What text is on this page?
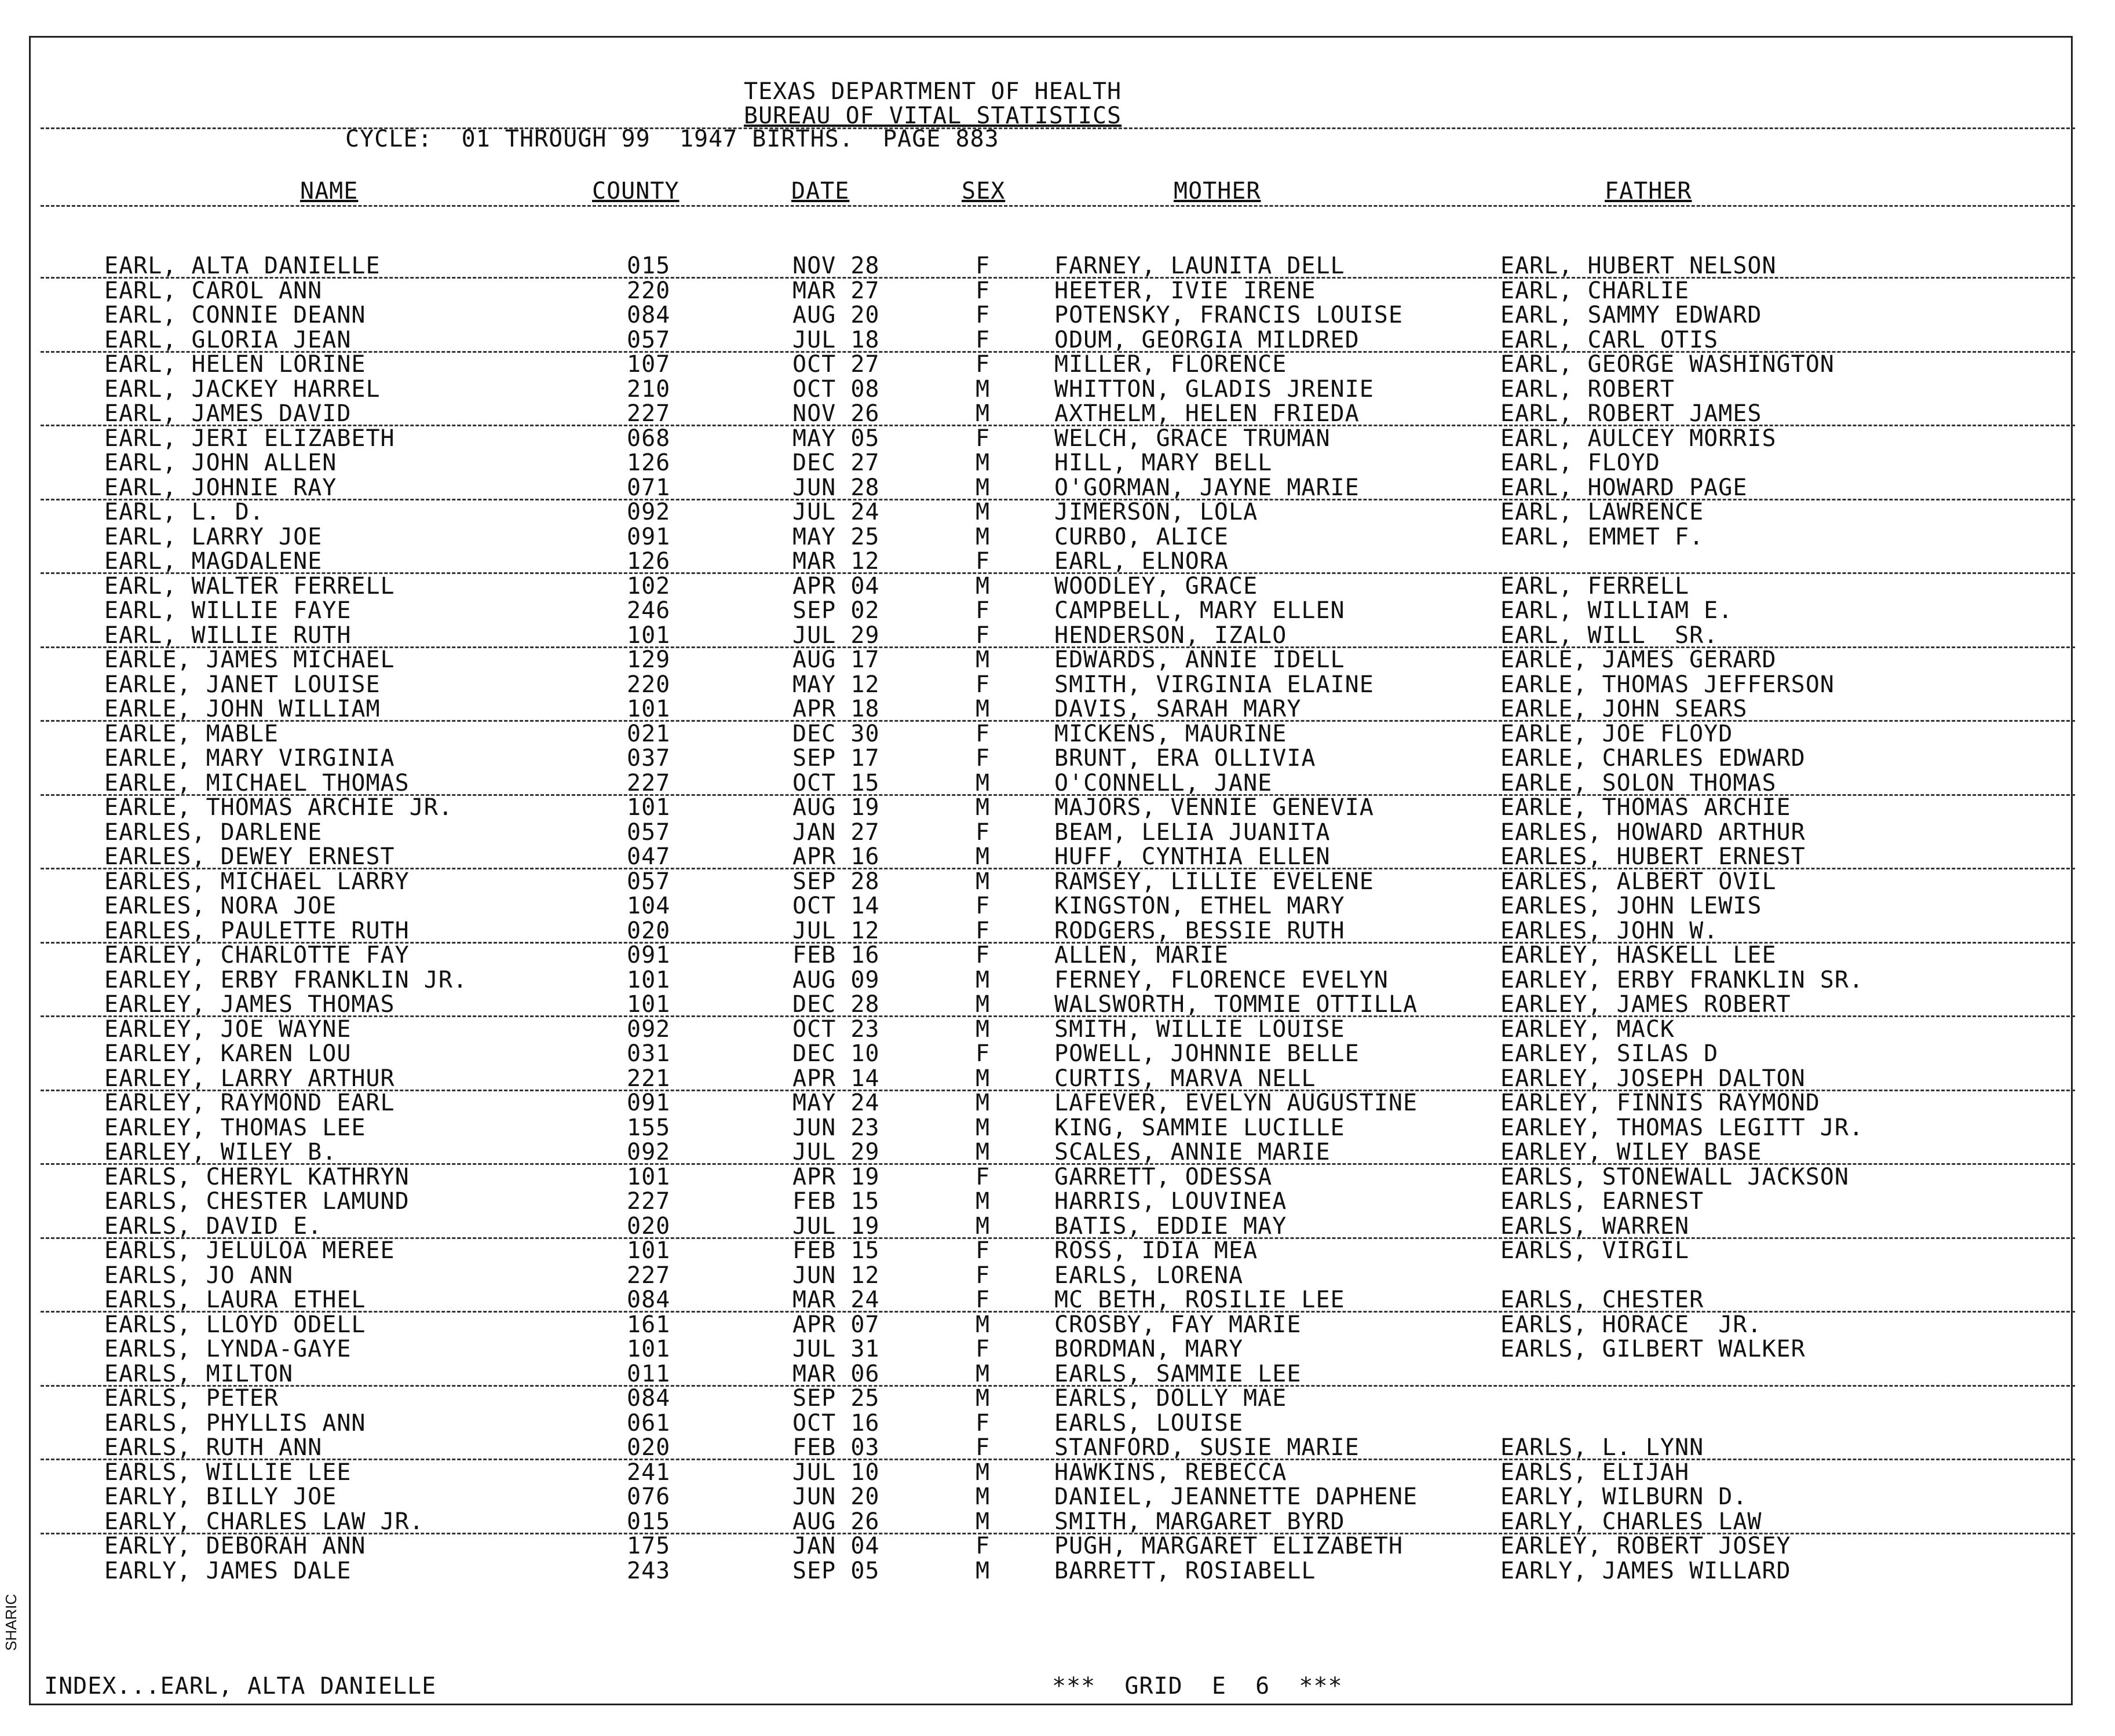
TEXAS DEPARTMENT OF HEALTH
BUREAU OF VITAL STATISTICS
CYCLE:  01 THROUGH 99  1947 BIRTHS.  PAGE 883
NAME	COUNTY	DATE	SEX	MOTHER	FATHER
EARL, ALTA DANIELLE	015	NOV 28	F	FARNEY, LAUNITA DELL	EARL, HUBERT NELSON
EARL, CAROL ANN	220	MAR 27	F	HEETER, IVIE IRENE	EARL, CHARLIE
EARL, CONNIE DEANN	084	AUG 20	F	POTENSKY, FRANCIS LOUISE	EARL, SAMMY EDWARD
EARL, GLORIA JEAN	057	JUL 18	F	ODUM, GEORGIA MILDRED	EARL, CARL OTIS
EARL, HELEN LORINE	107	OCT 27	F	MILLER, FLORENCE	EARL, GEORGE WASHINGTON
EARL, JACKEY HARREL	210	OCT 08	M	WHITTON, GLADIS JRENIE	EARL, ROBERT
EARL, JAMES DAVID	227	NOV 26	M	AXTHELM, HELEN FRIEDA	EARL, ROBERT JAMES
EARL, JERI ELIZABETH	068	MAY 05	F	WELCH, GRACE TRUMAN	EARL, AULCEY MORRIS
EARL, JOHN ALLEN	126	DEC 27	M	HILL, MARY BELL	EARL, FLOYD
EARL, JOHNIE RAY	071	JUN 28	M	O'GORMAN, JAYNE MARIE	EARL, HOWARD PAGE
EARL, L. D.	092	JUL 24	M	JIMERSON, LOLA	EARL, LAWRENCE
EARL, LARRY JOE	091	MAY 25	M	CURBO, ALICE	EARL, EMMET F.
EARL, MAGDALENE	126	MAR 12	F	EARL, ELNORA
EARL, WALTER FERRELL	102	APR 04	M	WOODLEY, GRACE	EARL, FERRELL
EARL, WILLIE FAYE	246	SEP 02	F	CAMPBELL, MARY ELLEN	EARL, WILLIAM E.
EARL, WILLIE RUTH	101	JUL 29	F	HENDERSON, IZALO	EARL, WILL  SR.
EARLE, JAMES MICHAEL	129	AUG 17	M	EDWARDS, ANNIE IDELL	EARLE, JAMES GERARD
EARLE, JANET LOUISE	220	MAY 12	F	SMITH, VIRGINIA ELAINE	EARLE, THOMAS JEFFERSON
EARLE, JOHN WILLIAM	101	APR 18	M	DAVIS, SARAH MARY	EARLE, JOHN SEARS
EARLE, MABLE	021	DEC 30	F	MICKENS, MAURINE	EARLE, JOE FLOYD
EARLE, MARY VIRGINIA	037	SEP 17	F	BRUNT, ERA OLLIVIA	EARLE, CHARLES EDWARD
EARLE, MICHAEL THOMAS	227	OCT 15	M	O'CONNELL, JANE	EARLE, SOLON THOMAS
EARLE, THOMAS ARCHIE JR.	101	AUG 19	M	MAJORS, VENNIE GENEVIA	EARLE, THOMAS ARCHIE
EARLES, DARLENE	057	JAN 27	F	BEAM, LELIA JUANITA	EARLES, HOWARD ARTHUR
EARLES, DEWEY ERNEST	047	APR 16	M	HUFF, CYNTHIA ELLEN	EARLES, HUBERT ERNEST
EARLES, MICHAEL LARRY	057	SEP 28	M	RAMSEY, LILLIE EVELENE	EARLES, ALBERT OVIL
EARLES, NORA JOE	104	OCT 14	F	KINGSTON, ETHEL MARY	EARLES, JOHN LEWIS
EARLES, PAULETTE RUTH	020	JUL 12	F	RODGERS, BESSIE RUTH	EARLES, JOHN W.
EARLEY, CHARLOTTE FAY	091	FEB 16	F	ALLEN, MARIE	EARLEY, HASKELL LEE
EARLEY, ERBY FRANKLIN JR.	101	AUG 09	M	FERNEY, FLORENCE EVELYN	EARLEY, ERBY FRANKLIN SR.
EARLEY, JAMES THOMAS	101	DEC 28	M	WALSWORTH, TOMMIE OTTILLA	EARLEY, JAMES ROBERT
EARLEY, JOE WAYNE	092	OCT 23	M	SMITH, WILLIE LOUISE	EARLEY, MACK
EARLEY, KAREN LOU	031	DEC 10	F	POWELL, JOHNNIE BELLE	EARLEY, SILAS D
EARLEY, LARRY ARTHUR	221	APR 14	M	CURTIS, MARVA NELL	EARLEY, JOSEPH DALTON
EARLEY, RAYMOND EARL	091	MAY 24	M	LAFEVER, EVELYN AUGUSTINE	EARLEY, FINNIS RAYMOND
EARLEY, THOMAS LEE	155	JUN 23	M	KING, SAMMIE LUCILLE	EARLEY, THOMAS LEGITT JR.
EARLEY, WILEY B.	092	JUL 29	M	SCALES, ANNIE MARIE	EARLEY, WILEY BASE
EARLS, CHERYL KATHRYN	101	APR 19	F	GARRETT, ODESSA	EARLS, STONEWALL JACKSON
EARLS, CHESTER LAMUND	227	FEB 15	M	HARRIS, LOUVINEA	EARLS, EARNEST
EARLS, DAVID E.	020	JUL 19	M	BATIS, EDDIE MAY	EARLS, WARREN
EARLS, JELULOA MEREE	101	FEB 15	F	ROSS, IDIA MEA	EARLS, VIRGIL
EARLS, JO ANN	227	JUN 12	F	EARLS, LORENA
EARLS, LAURA ETHEL	084	MAR 24	F	MC BETH, ROSILIE LEE	EARLS, CHESTER
EARLS, LLOYD ODELL	161	APR 07	M	CROSBY, FAY MARIE	EARLS, HORACE  JR.
EARLS, LYNDA-GAYE	101	JUL 31	F	BORDMAN, MARY	EARLS, GILBERT WALKER
EARLS, MILTON	011	MAR 06	M	EARLS, SAMMIE LEE
EARLS, PETER	084	SEP 25	M	EARLS, DOLLY MAE
EARLS, PHYLLIS ANN	061	OCT 16	F	EARLS, LOUISE
EARLS, RUTH ANN	020	FEB 03	F	STANFORD, SUSIE MARIE	EARLS, L. LYNN
EARLS, WILLIE LEE	241	JUL 10	M	HAWKINS, REBECCA	EARLS, ELIJAH
EARLY, BILLY JOE	076	JUN 20	M	DANIEL, JEANNETTE DAPHENE	EARLY, WILBURN D.
EARLY, CHARLES LAW JR.	015	AUG 26	M	SMITH, MARGARET BYRD	EARLY, CHARLES LAW
EARLY, DEBORAH ANN	175	JAN 04	F	PUGH, MARGARET ELIZABETH	EARLEY, ROBERT JOSEY
EARLY, JAMES DALE	243	SEP 05	M	BARRETT, ROSIABELL	EARLY, JAMES WILLARD
INDEX...EARL, ALTA DANIELLE	***  GRID  E  6  ***
SHARIC
